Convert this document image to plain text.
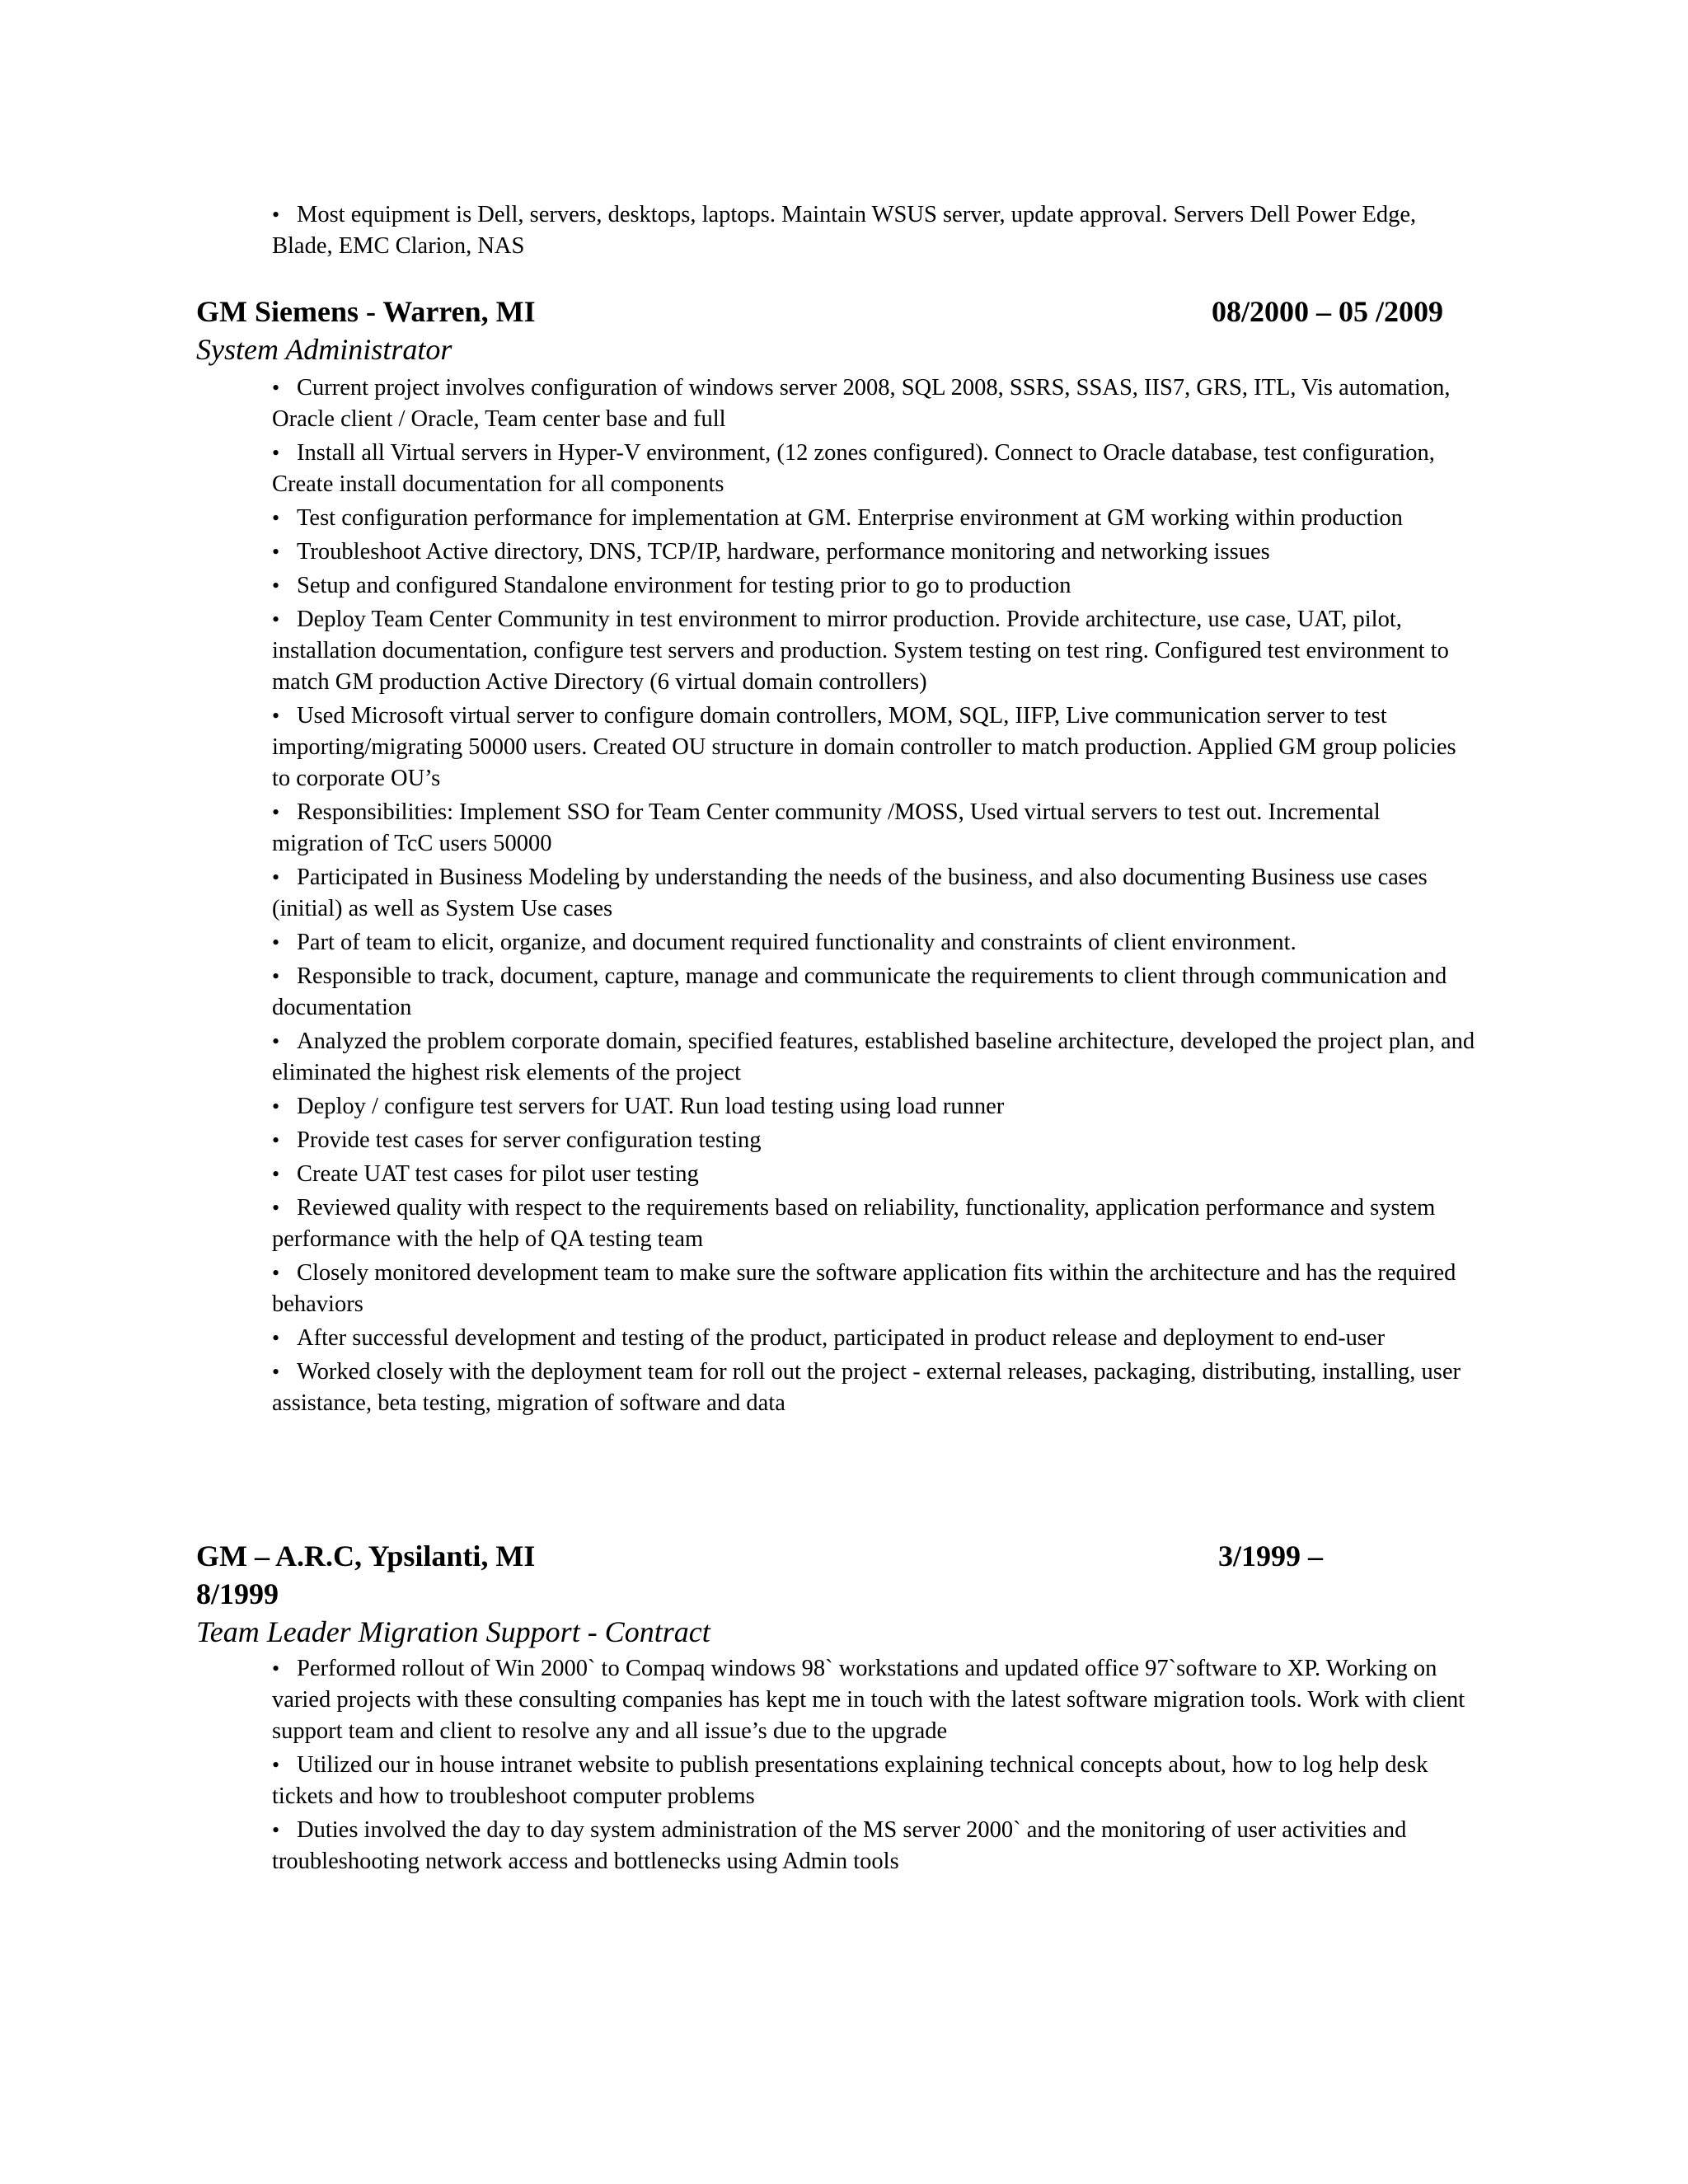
• Most equipment is Dell, servers, desktops, laptops. Maintain WSUS server, update approval. Servers Dell Power Edge, Blade, EMC Clarion, NAS

GM Siemens - Warren, MI	08/2000 – 05 /2009
System Administrator

• Current project involves configuration of windows server 2008, SQL 2008, SSRS, SSAS, IIS7, GRS, ITL, Vis automation, Oracle client / Oracle, Team center base and full

• Install all Virtual servers in Hyper-V environment, (12 zones configured). Connect to Oracle database, test configuration, Create install documentation for all components

• Test configuration performance for implementation at GM. Enterprise environment at GM working within production

• Troubleshoot Active directory, DNS, TCP/IP, hardware, performance monitoring and networking issues

• Setup and configured Standalone environment for testing prior to go to production

• Deploy Team Center Community in test environment to mirror production. Provide architecture, use case, UAT, pilot, installation documentation, configure test servers and production. System testing on test ring. Configured test environment to match GM production Active Directory (6 virtual domain controllers)

• Used Microsoft virtual server to configure domain controllers, MOM, SQL, IIFP, Live communication server to test importing/migrating 50000 users. Created OU structure in domain controller to match production. Applied GM group policies to corporate OU’s

• Responsibilities: Implement SSO for Team Center community /MOSS, Used virtual servers to test out. Incremental migration of TcC users 50000

• Participated in Business Modeling by understanding the needs of the business, and also documenting Business use cases (initial) as well as System Use cases

• Part of team to elicit, organize, and document required functionality and constraints of client environment.

• Responsible to track, document, capture, manage and communicate the requirements to client through communication and documentation

• Analyzed the problem corporate domain, specified features, established baseline architecture, developed the project plan, and eliminated the highest risk elements of the project

• Deploy / configure test servers for UAT. Run load testing using load runner

• Provide test cases for server configuration testing

• Create UAT test cases for pilot user testing

• Reviewed quality with respect to the requirements based on reliability, functionality, application performance and system performance with the help of QA testing team

• Closely monitored development team to make sure the software application fits within the architecture and has the required behaviors

• After successful development and testing of the product, participated in product release and deployment to end-user

• Worked closely with the deployment team for roll out the project - external releases, packaging, distributing, installing, user assistance, beta testing, migration of software and data

GM – A.R.C, Ypsilanti, MI	3/1999 –
8/1999
Team Leader Migration Support - Contract

• Performed rollout of Win 2000` to Compaq windows 98` workstations and updated office 97`software to XP. Working on varied projects with these consulting companies has kept me in touch with the latest software migration tools. Work with client support team and client to resolve any and all issue’s due to the upgrade

• Utilized our in house intranet website to publish presentations explaining technical concepts about, how to log help desk tickets and how to troubleshoot computer problems

• Duties involved the day to day system administration of the MS server 2000` and the monitoring of user activities and troubleshooting network access and bottlenecks using Admin tools
